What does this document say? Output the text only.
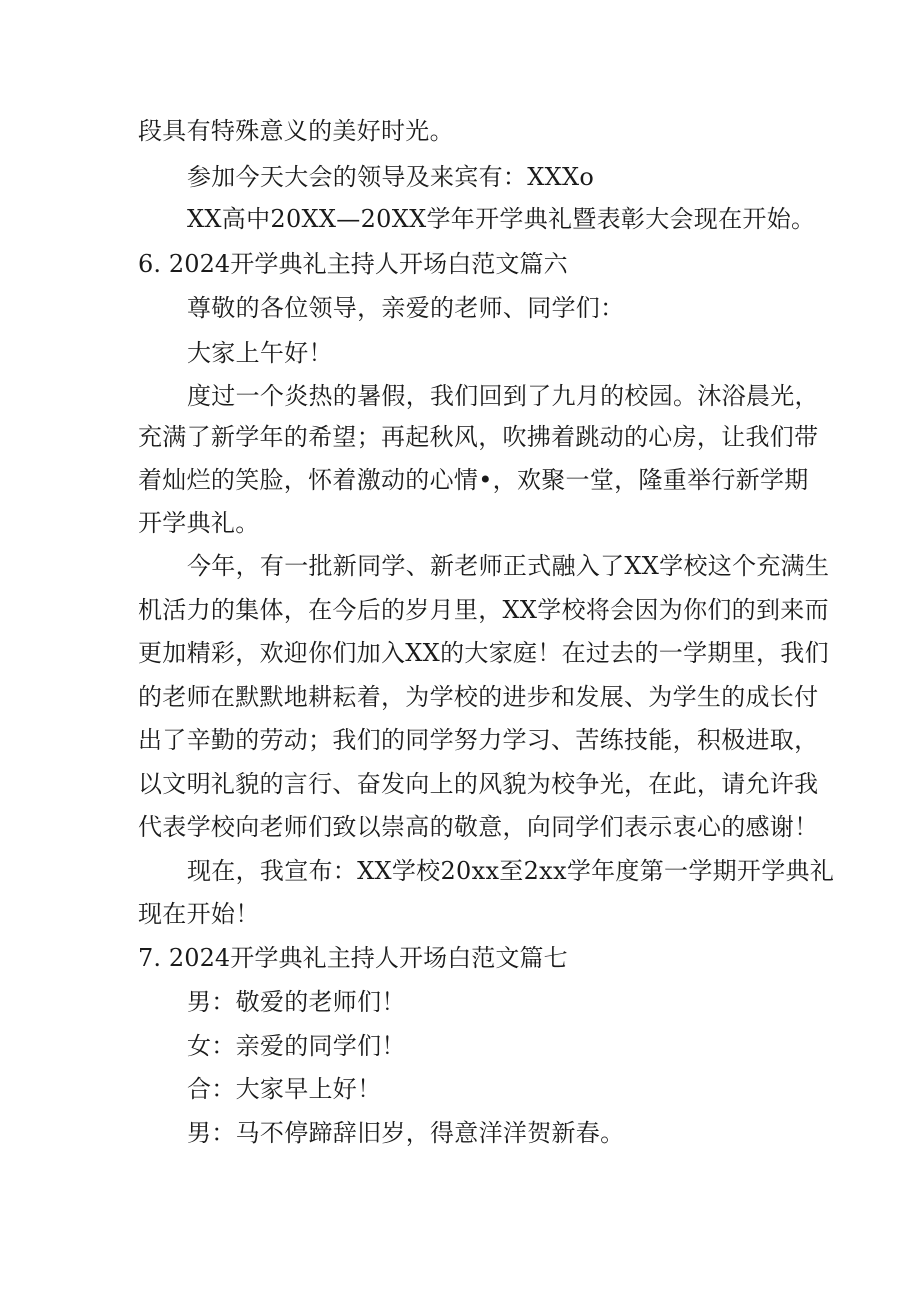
段具有特殊意义的美好时光。
参加今天大会的领导及来宾有：XXXo
XX高中20XX—20XX学年开学典礼暨表彰大会现在开始。
6. 2024开学典礼主持人开场白范文篇六
尊敬的各位领导，亲爱的老师、同学们：
大家上午好！
度过一个炎热的暑假，我们回到了九月的校园。沐浴晨光，
充满了新学年的希望；再起秋风，吹拂着跳动的心房，让我们带
着灿烂的笑脸，怀着激动的心情•，欢聚一堂，隆重举行新学期
开学典礼。
今年，有一批新同学、新老师正式融入了XX学校这个充满生
机活力的集体，在今后的岁月里，XX学校将会因为你们的到来而
更加精彩，欢迎你们加入XX的大家庭！在过去的一学期里，我们
的老师在默默地耕耘着，为学校的进步和发展、为学生的成长付
出了辛勤的劳动；我们的同学努力学习、苦练技能，积极进取，
以文明礼貌的言行、奋发向上的风貌为校争光，在此，请允许我
代表学校向老师们致以崇高的敬意，向同学们表示衷心的感谢！
现在，我宣布：XX学校20xx至2xx学年度第一学期开学典礼
现在开始！
7. 2024开学典礼主持人开场白范文篇七
男：敬爱的老师们！
女：亲爱的同学们！
合：大家早上好！
男：马不停蹄辞旧岁，得意洋洋贺新春。
